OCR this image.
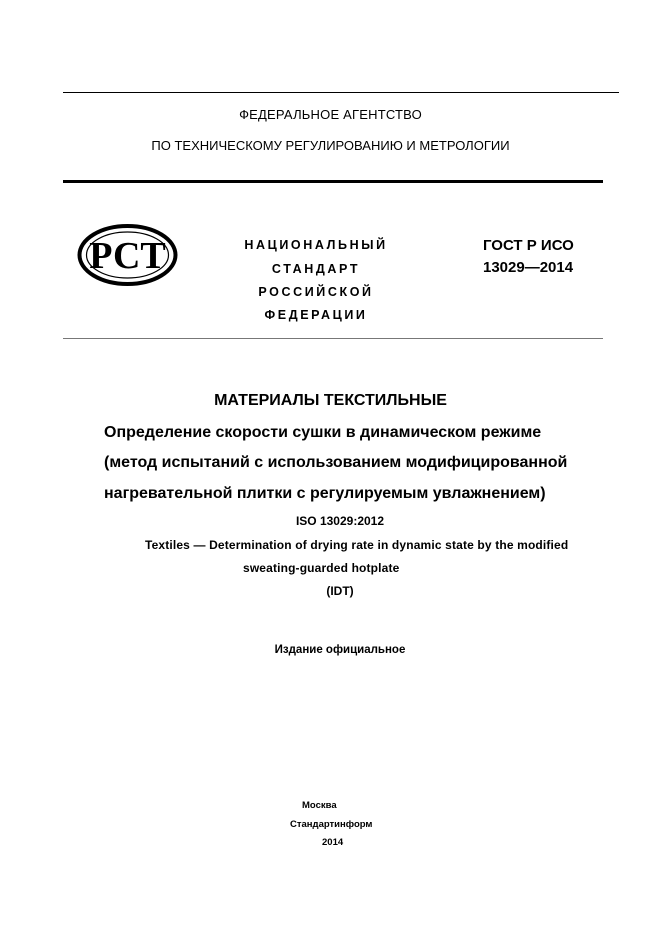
ФЕДЕРАЛЬНОЕ АГЕНТСТВО
ПО ТЕХНИЧЕСКОМУ РЕГУЛИРОВАНИЮ И МЕТРОЛОГИИ
РСТ	НАЦИОНАЛЬНЫЙ
СТАНДАРТ
РОССИЙСКОЙ
ФЕДЕРАЦИИ
ГОСТ Р ИСО
13029—2014
МАТЕРИАЛЫ ТЕКСТИЛЬНЫЕ
Определение скорости сушки в динамическом режиме
(метод испытаний с использованием модифицированной
нагревательной плитки с регулируемым увлажнением)
ISO 13029:2012
Textiles — Determination of drying rate in dynamic state by the modified
sweating-guarded hotplate
(IDT)
Издание официальное
Москва
Стандартинформ
2014
